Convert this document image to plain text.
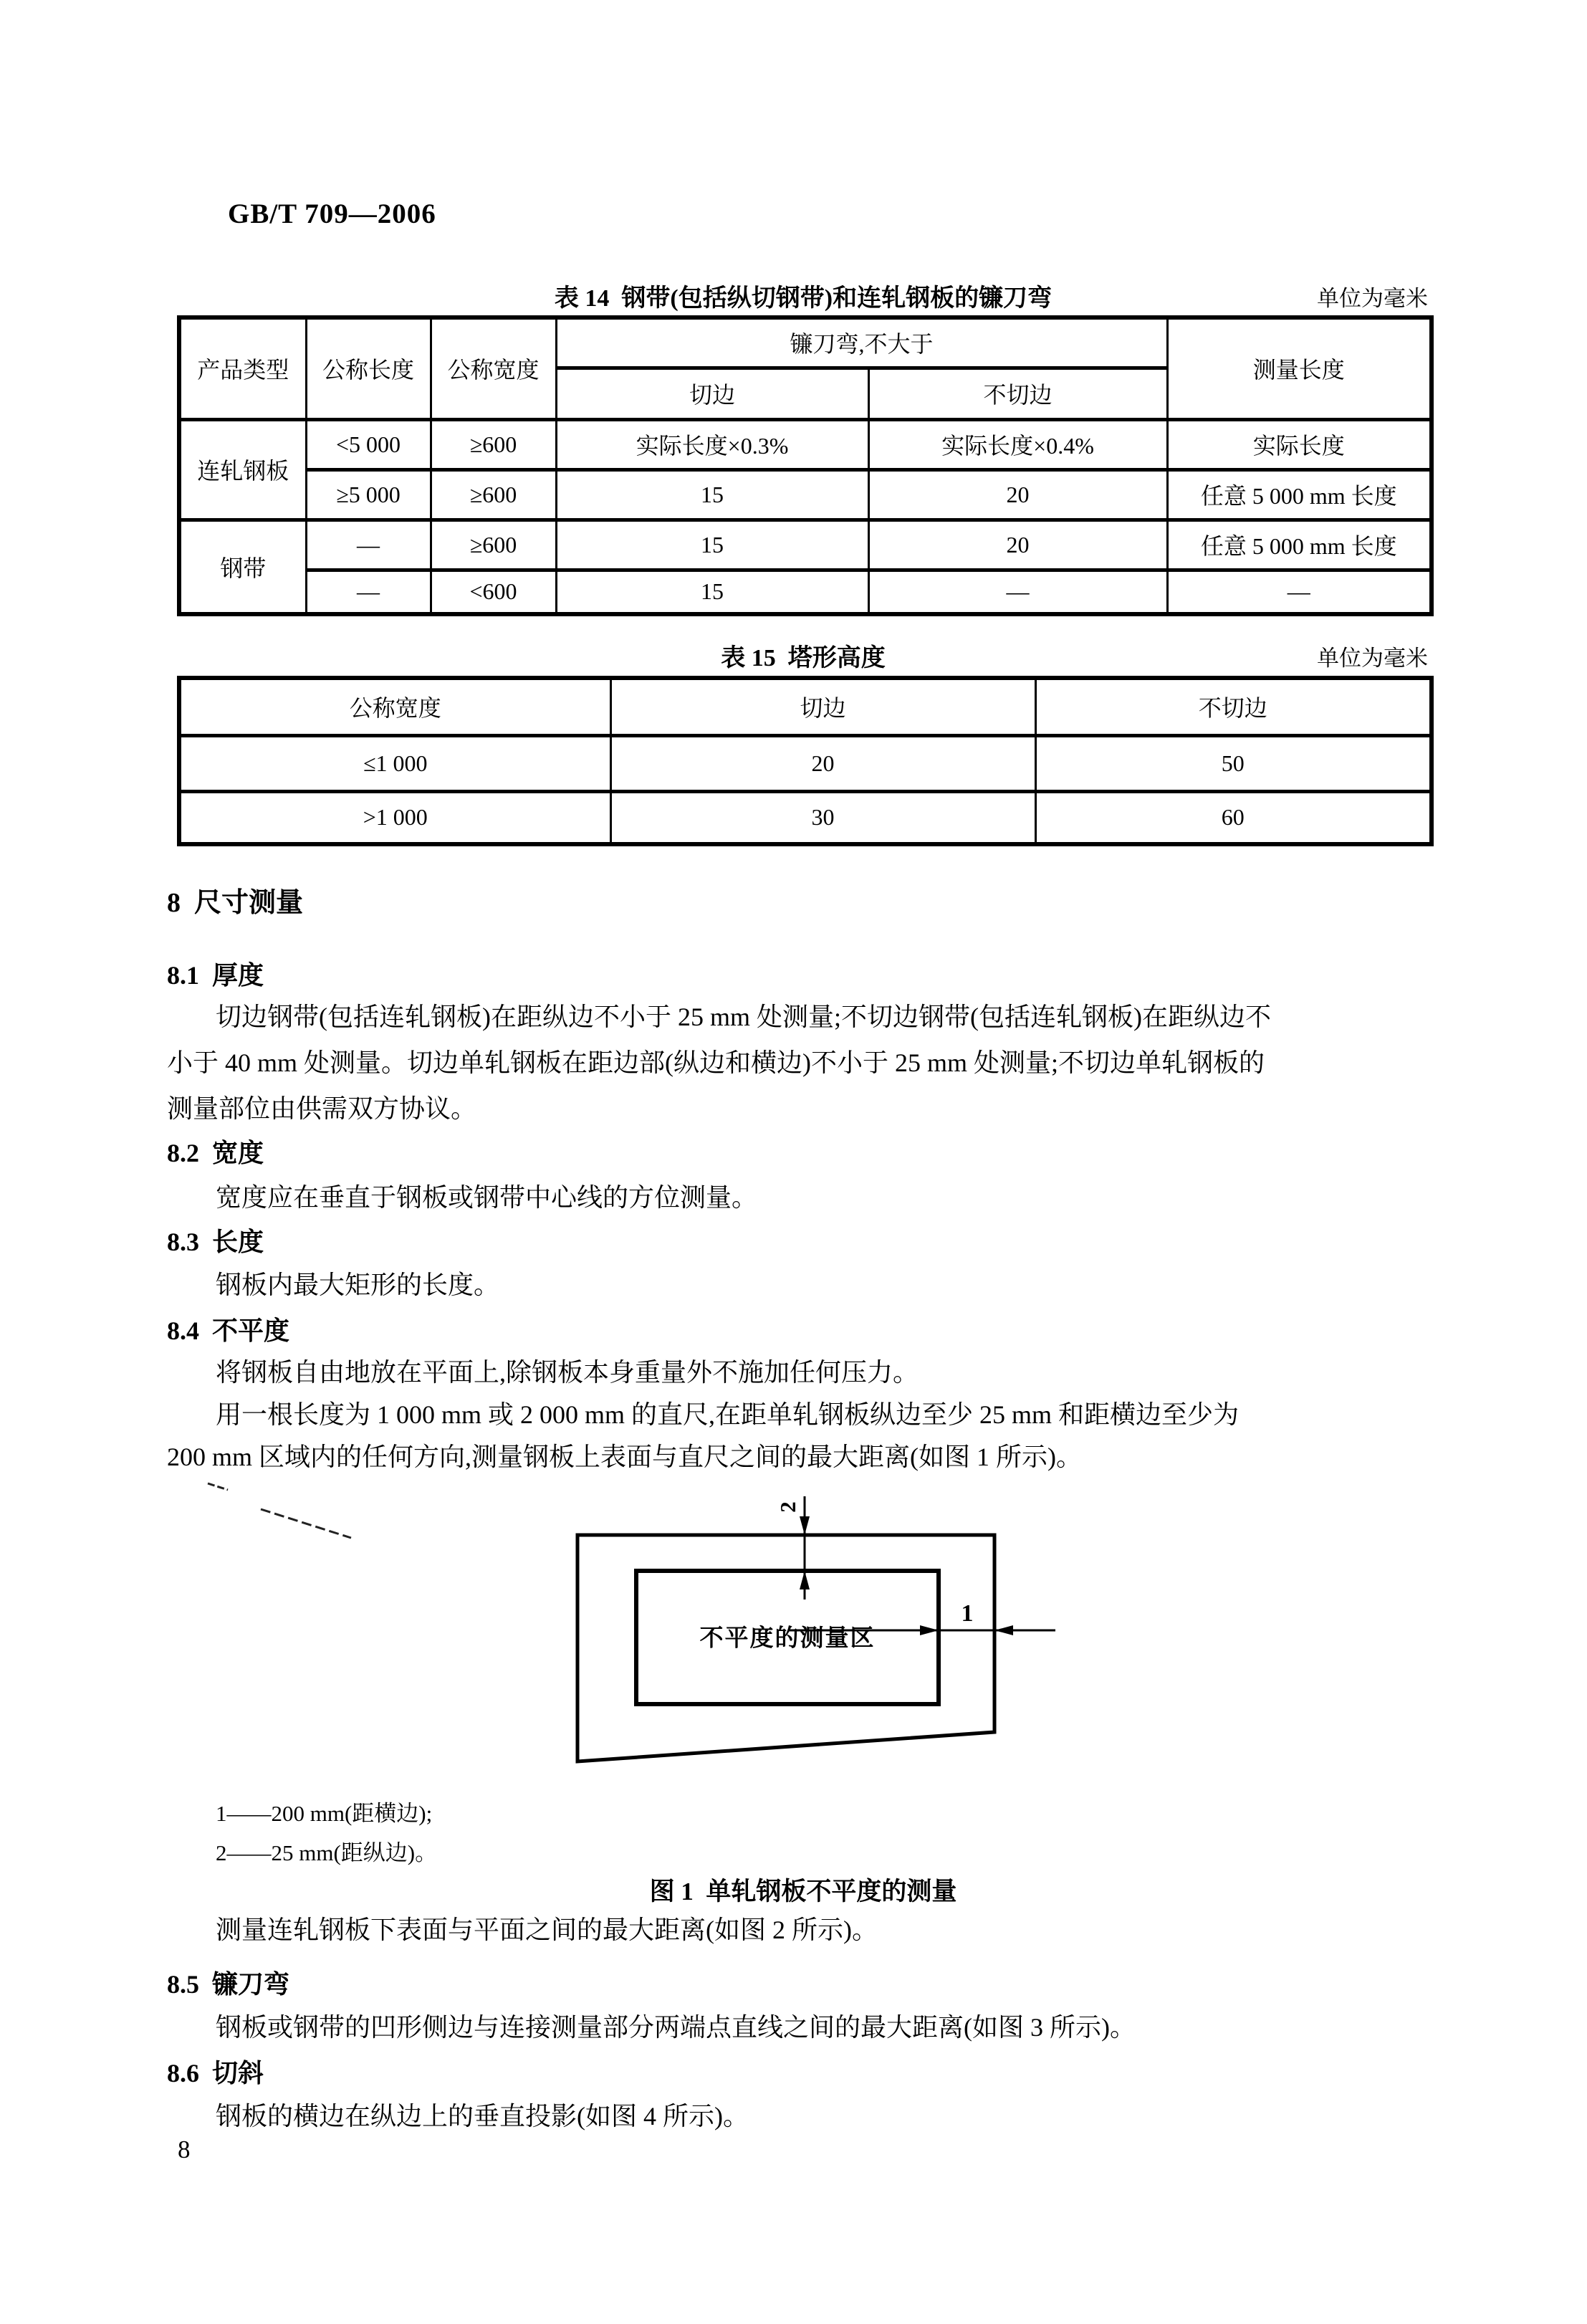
GB/T 709—2006
表 14  钢带(包括纵切钢带)和连轧钢板的镰刀弯	单位为毫米
产品类型	公称长度	公称宽度	镰刀弯,不大于		测量长度
			切边	不切边	
连轧钢板	<5 000	≥600	实际长度×0.3%	实际长度×0.4%	实际长度
	≥5 000	≥600	15	20	任意 5 000 mm 长度
钢带	—	≥600	15	20	任意 5 000 mm 长度
	—	<600	15	—	—
表 15  塔形高度	单位为毫米
公称宽度	切边	不切边
≤1 000	20	50
>1 000	30	60
8  尺寸测量
8.1  厚度
切边钢带(包括连轧钢板)在距纵边不小于 25 mm 处测量;不切边钢带(包括连轧钢板)在距纵边不
小于 40 mm 处测量。切边单轧钢板在距边部(纵边和横边)不小于 25 mm 处测量;不切边单轧钢板的
测量部位由供需双方协议。
8.2  宽度
宽度应在垂直于钢板或钢带中心线的方位测量。
8.3  长度
钢板内最大矩形的长度。
8.4  不平度
将钢板自由地放在平面上,除钢板本身重量外不施加任何压力。
用一根长度为 1 000 mm 或 2 000 mm 的直尺,在距单轧钢板纵边至少 25 mm 和距横边至少为
200 mm 区域内的任何方向,测量钢板上表面与直尺之间的最大距离(如图 1 所示)。
2
1
不平度的测量区
1——200 mm(距横边);
2——25 mm(距纵边)。
图 1  单轧钢板不平度的测量
测量连轧钢板下表面与平面之间的最大距离(如图 2 所示)。
8.5  镰刀弯
钢板或钢带的凹形侧边与连接测量部分两端点直线之间的最大距离(如图 3 所示)。
8.6  切斜
钢板的横边在纵边上的垂直投影(如图 4 所示)。
8
